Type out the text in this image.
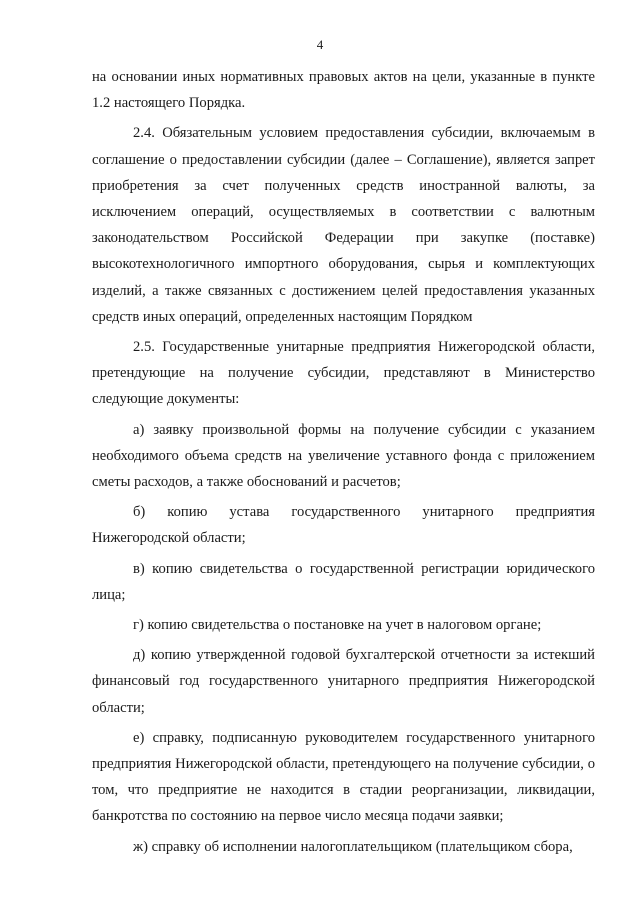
4

на основании иных нормативных правовых актов на цели, указанные в пункте 1.2 настоящего Порядка.

2.4. Обязательным условием предоставления субсидии, включаемым в соглашение о предоставлении субсидии (далее – Соглашение), является запрет приобретения за счет полученных средств иностранной валюты, за исключением операций, осуществляемых в соответствии с валютным законодательством Российской Федерации при закупке (поставке) высокотехнологичного импортного оборудования, сырья и комплектующих изделий, а также связанных с достижением целей предоставления указанных средств иных операций, определенных настоящим Порядком

2.5. Государственные унитарные предприятия Нижегородской области, претендующие на получение субсидии, представляют в Министерство следующие документы:

а) заявку произвольной формы на получение субсидии с указанием необходимого объема средств на увеличение уставного фонда с приложением сметы расходов, а также обоснований и расчетов;

б) копию устава государственного унитарного предприятия Нижегородской области;

в) копию свидетельства о государственной регистрации юридического лица;

г) копию свидетельства о постановке на учет в налоговом органе;

д) копию утвержденной годовой бухгалтерской отчетности за истекший финансовый год государственного унитарного предприятия Нижегородской области;

е) справку, подписанную руководителем государственного унитарного предприятия Нижегородской области, претендующего на получение субсидии, о том, что предприятие не находится в стадии реорганизации, ликвидации, банкротства по состоянию на первое число месяца подачи заявки;

ж) справку об исполнении налогоплательщиком (плательщиком сбора,
